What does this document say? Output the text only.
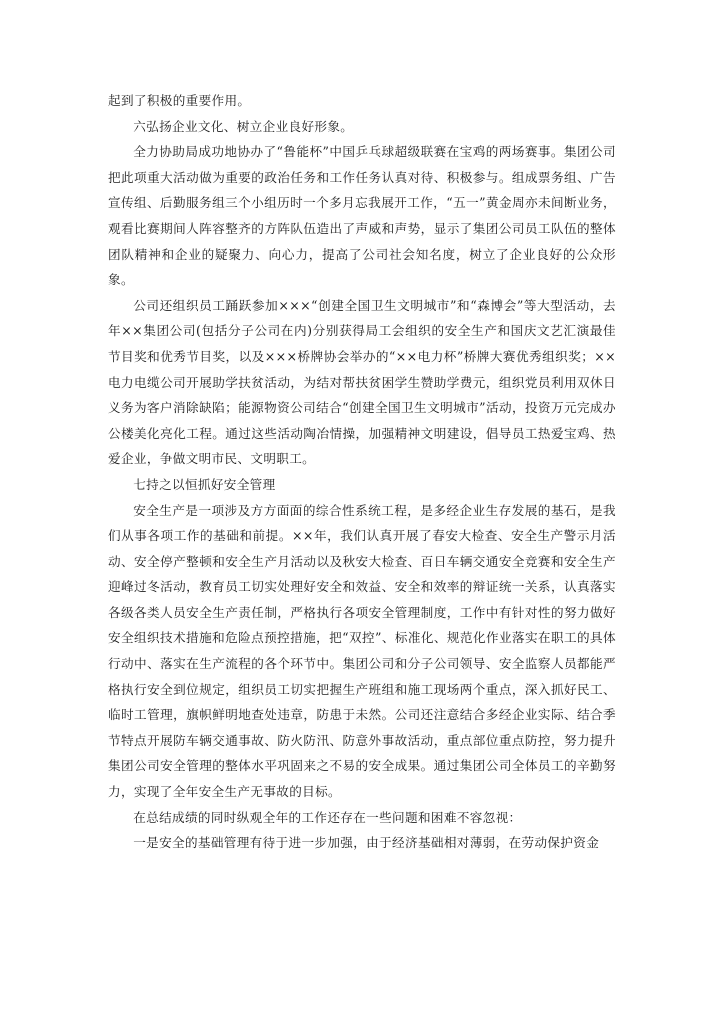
起到了积极的重要作用。

六弘扬企业文化、树立企业良好形象。

全力协助局成功地协办了“鲁能杯”中国乒乓球超级联赛在宝鸡的两场赛事。集团公司把此项重大活动做为重要的政治任务和工作任务认真对待、积极参与。组成票务组、广告宣传组、后勤服务组三个小组历时一个多月忘我展开工作，“五一”黄金周亦未间断业务，观看比赛期间人阵容整齐的方阵队伍造出了声威和声势，显示了集团公司员工队伍的整体团队精神和企业的疑聚力、向心力，提高了公司社会知名度，树立了企业良好的公众形象。

公司还组织员工踊跃参加×××“创建全国卫生文明城市”和“森博会”等大型活动，去年××集团公司(包括分子公司在内)分别获得局工会组织的安全生产和国庆文艺汇演最佳节目奖和优秀节目奖，以及×××桥牌协会举办的“××电力杯”桥牌大赛优秀组织奖；××电力电缆公司开展助学扶贫活动，为结对帮扶贫困学生赞助学费元，组织党员利用双休日义务为客户消除缺陷；能源物资公司结合“创建全国卫生文明城市”活动，投资万元完成办公楼美化亮化工程。通过这些活动陶冶情操，加强精神文明建设，倡导员工热爱宝鸡、热爱企业，争做文明市民、文明职工。

七持之以恒抓好安全管理

安全生产是一项涉及方方面面的综合性系统工程，是多经企业生存发展的基石，是我们从事各项工作的基础和前提。××年，我们认真开展了春安大检查、安全生产警示月活动、安全停产整顿和安全生产月活动以及秋安大检查、百日车辆交通安全竞赛和安全生产迎峰过冬活动，教育员工切实处理好安全和效益、安全和效率的辩证统一关系，认真落实各级各类人员安全生产责任制，严格执行各项安全管理制度，工作中有针对性的努力做好安全组织技术措施和危险点预控措施，把“双控”、标准化、规范化作业落实在职工的具体行动中、落实在生产流程的各个环节中。集团公司和分子公司领导、安全监察人员都能严格执行安全到位规定，组织员工切实把握生产班组和施工现场两个重点，深入抓好民工、临时工管理，旗帜鲜明地查处违章，防患于未然。公司还注意结合多经企业实际、结合季节特点开展防车辆交通事故、防火防汛、防意外事故活动，重点部位重点防控，努力提升集团公司安全管理的整体水平巩固来之不易的安全成果。通过集团公司全体员工的辛勤努力，实现了全年安全生产无事故的目标。

在总结成绩的同时纵观全年的工作还存在一些问题和困难不容忽视：

一是安全的基础管理有待于进一步加强，由于经济基础相对薄弱，在劳动保护资金
